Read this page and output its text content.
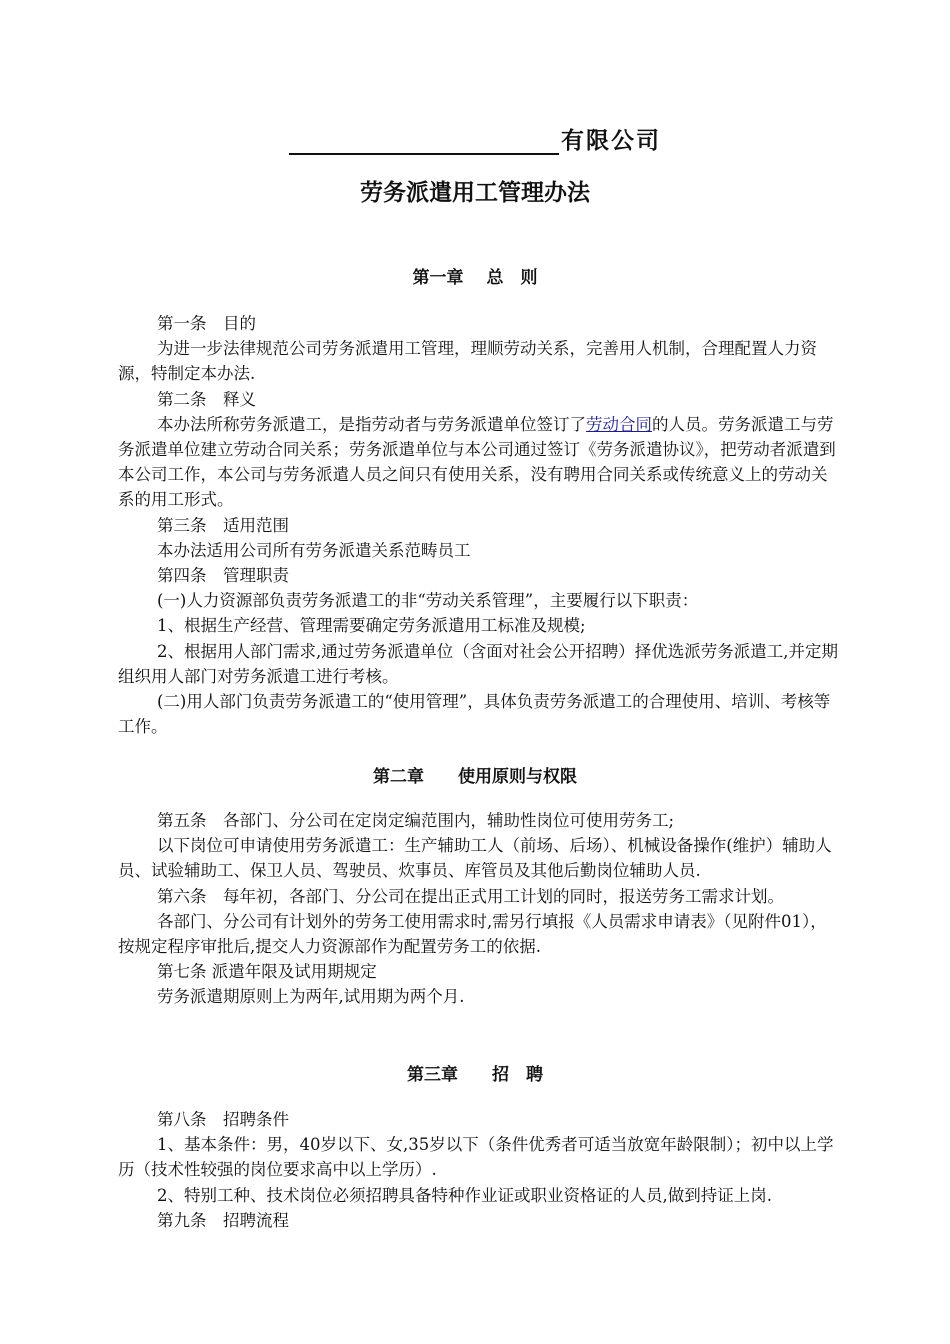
有限公司
劳务派遣用工管理办法
第一章　 总　则

第一条　目的

为进一步法律规范公司劳务派遣用工管理，理顺劳动关系，完善用人机制，合理配置人力资源，特制定本办法.

第二条　释义

本办法所称劳务派遣工，是指劳动者与劳务派遣单位签订了劳动合同的人员。劳务派遣工与劳务派遣单位建立劳动合同关系；劳务派遣单位与本公司通过签订《劳务派遣协议》，把劳动者派遣到本公司工作，本公司与劳务派遣人员之间只有使用关系，没有聘用合同关系或传统意义上的劳动关系的用工形式。

第三条　适用范围

本办法适用公司所有劳务派遣关系范畴员工

第四条　管理职责

(一)人力资源部负责劳务派遣工的非“劳动关系管理”，主要履行以下职责：

1、根据生产经营、管理需要确定劳务派遣用工标准及规模;

2、根据用人部门需求,通过劳务派遣单位（含面对社会公开招聘）择优选派劳务派遣工,并定期组织用人部门对劳务派遣工进行考核。

(二)用人部门负责劳务派遣工的“使用管理”，具体负责劳务派遣工的合理使用、培训、考核等工作。

第二章　　使用原则与权限

第五条　各部门、分公司在定岗定编范围内，辅助性岗位可使用劳务工;

以下岗位可申请使用劳务派遣工：生产辅助工人（前场、后场）、机械设备操作(维护）辅助人员、试验辅助工、保卫人员、驾驶员、炊事员、库管员及其他后勤岗位辅助人员.

第六条　每年初，各部门、分公司在提出正式用工计划的同时，报送劳务工需求计划。

各部门、分公司有计划外的劳务工使用需求时,需另行填报《人员需求申请表》（见附件01），按规定程序审批后,提交人力资源部作为配置劳务工的依据.

第七条 派遣年限及试用期规定

劳务派遣期原则上为两年,试用期为两个月.

第三章　　招　聘

第八条　招聘条件

1、基本条件：男，40岁以下、女,35岁以下（条件优秀者可适当放宽年龄限制）；初中以上学历（技术性较强的岗位要求高中以上学历）.

2、特别工种、技术岗位必须招聘具备特种作业证或职业资格证的人员,做到持证上岗.

第九条　招聘流程
